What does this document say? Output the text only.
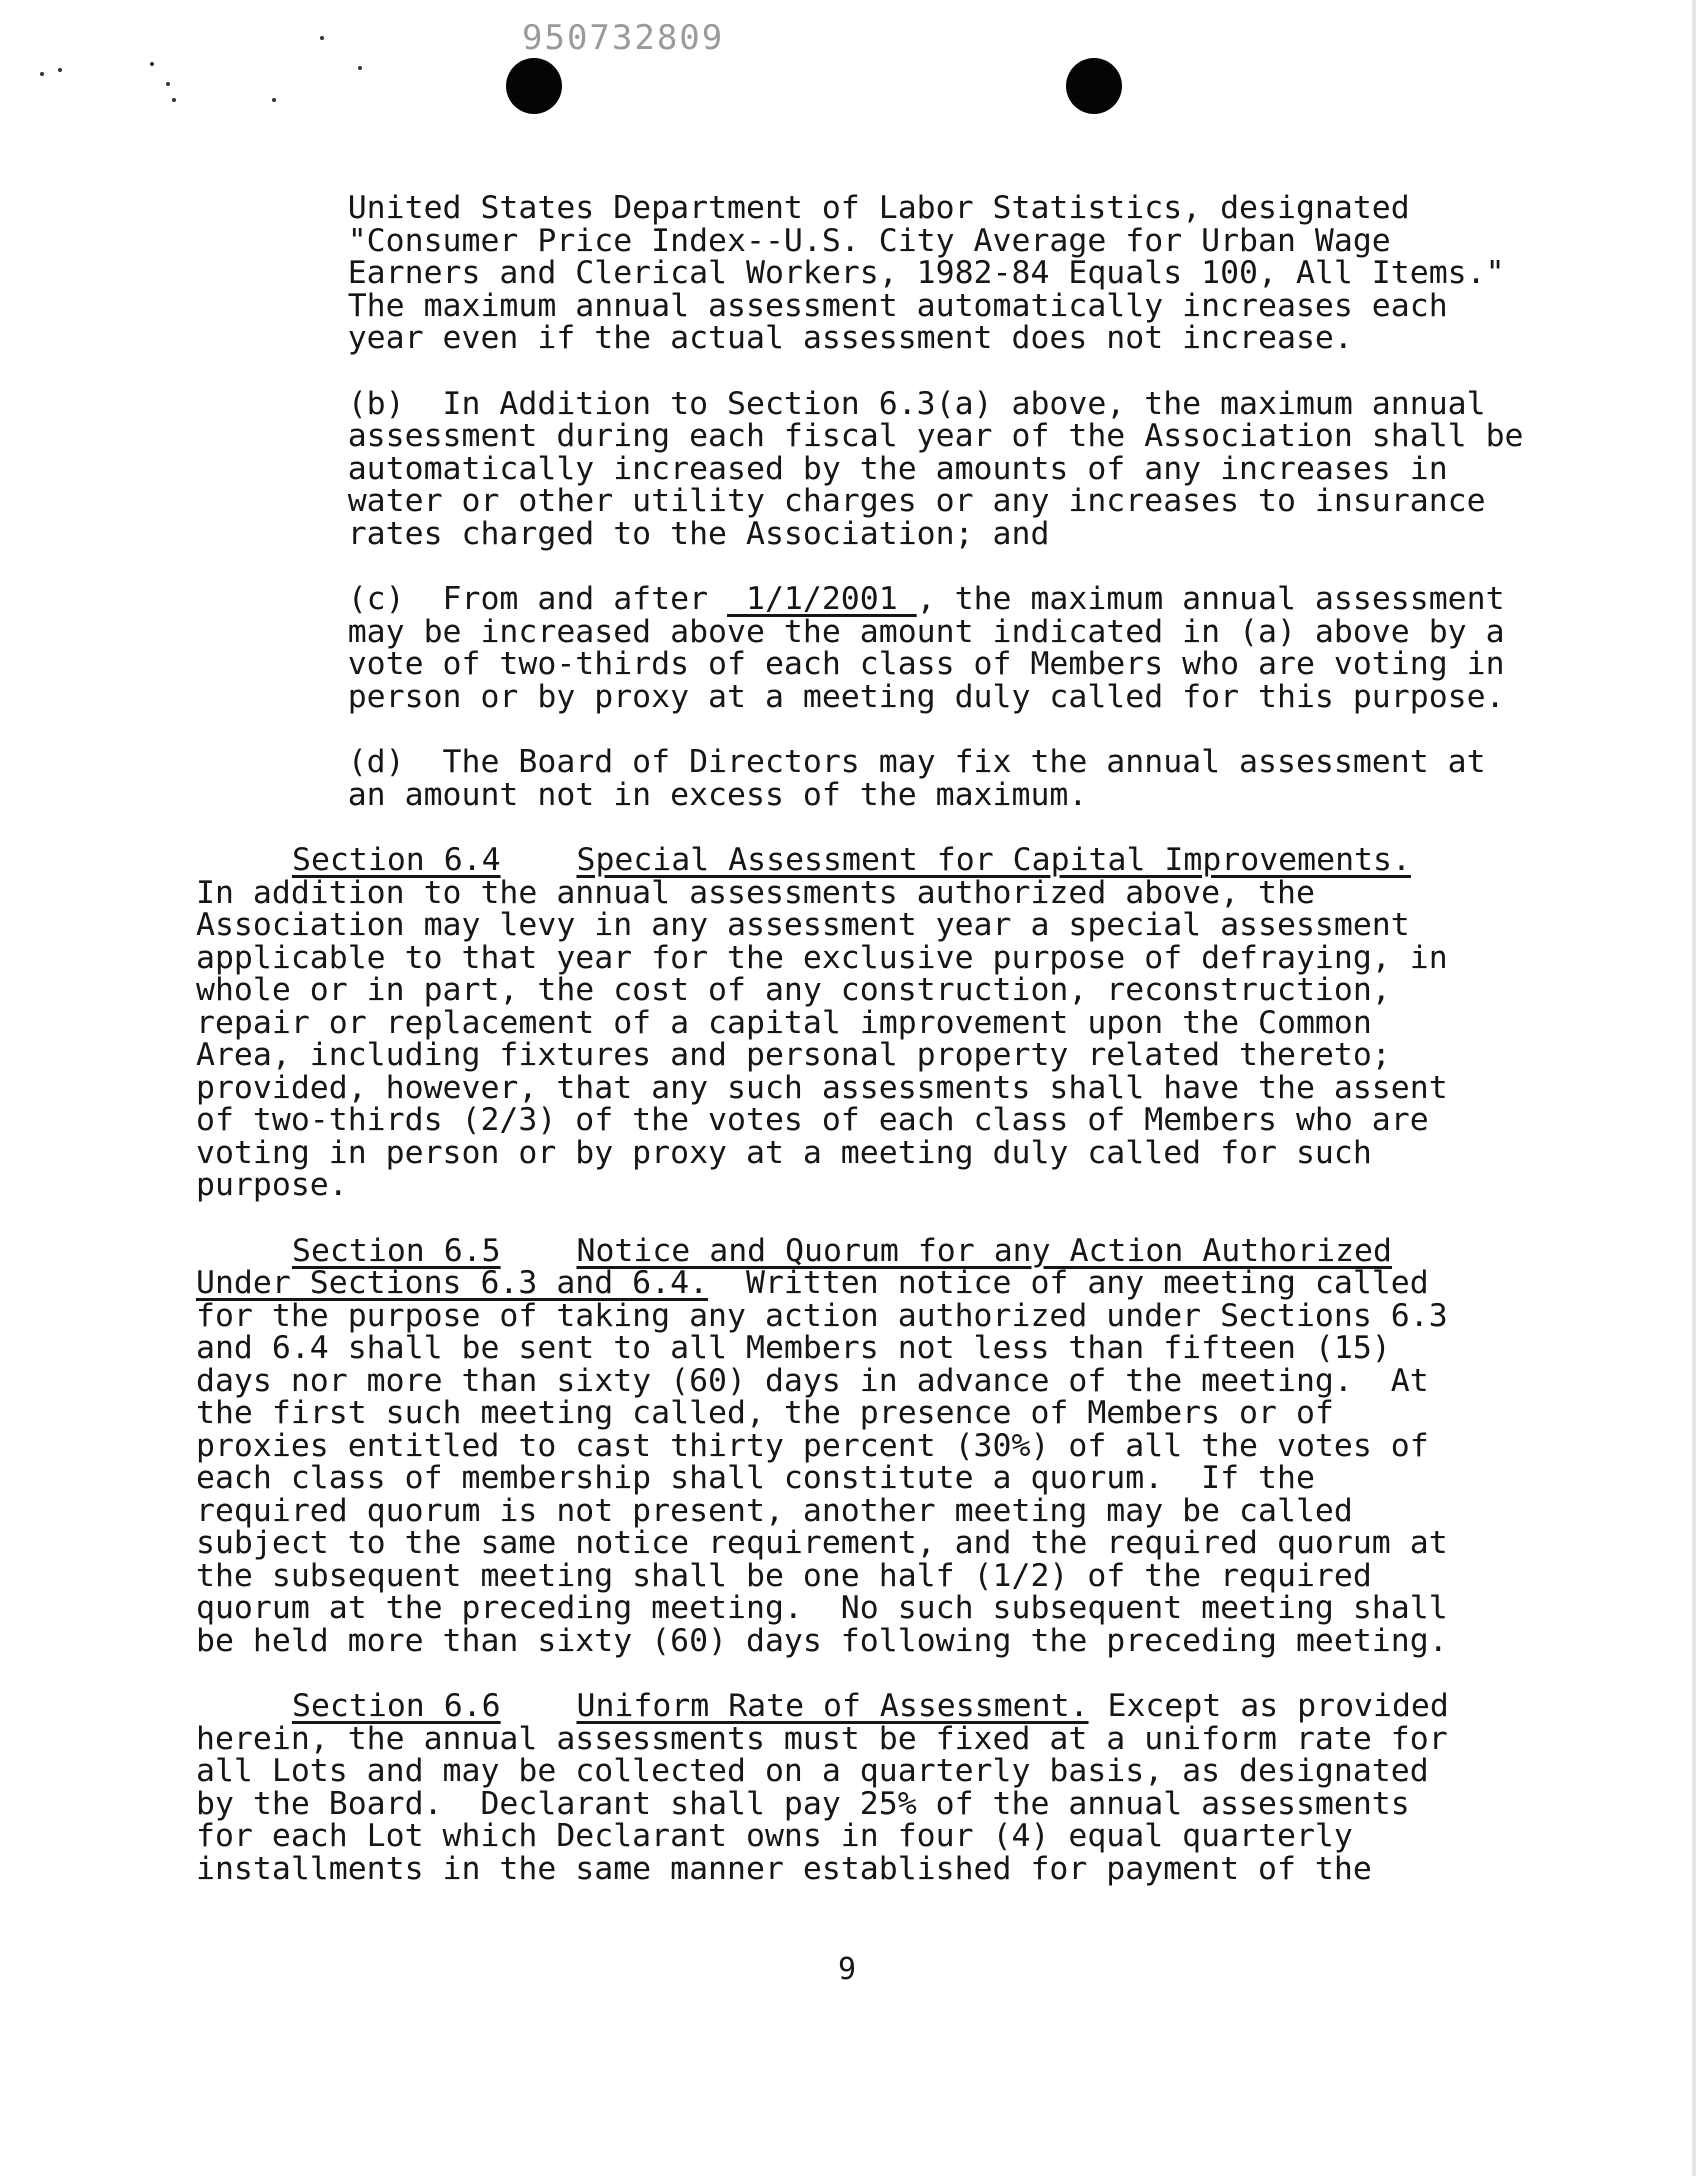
950732809
United States Department of Labor Statistics, designated
"Consumer Price Index--U.S. City Average for Urban Wage
Earners and Clerical Workers, 1982-84 Equals 100, All Items."
The maximum annual assessment automatically increases each
year even if the actual assessment does not increase.
(b)  In Addition to Section 6.3(a) above, the maximum annual
assessment during each fiscal year of the Association shall be
automatically increased by the amounts of any increases in
water or other utility charges or any increases to insurance
rates charged to the Association; and
(c)  From and after  1/1/2001 , the maximum annual assessment
may be increased above the amount indicated in (a) above by a
vote of two-thirds of each class of Members who are voting in
person or by proxy at a meeting duly called for this purpose.
(d)  The Board of Directors may fix the annual assessment at
an amount not in excess of the maximum.
Section 6.4 Special Assessment for Capital Improvements.
In addition to the annual assessments authorized above, the
Association may levy in any assessment year a special assessment
applicable to that year for the exclusive purpose of defraying, in
whole or in part, the cost of any construction, reconstruction,
repair or replacement of a capital improvement upon the Common
Area, including fixtures and personal property related thereto;
provided, however, that any such assessments shall have the assent
of two-thirds (2/3) of the votes of each class of Members who are
voting in person or by proxy at a meeting duly called for such
purpose.
Section 6.5 Notice and Quorum for any Action Authorized
Under Sections 6.3 and 6.4.  Written notice of any meeting called
for the purpose of taking any action authorized under Sections 6.3
and 6.4 shall be sent to all Members not less than fifteen (15)
days nor more than sixty (60) days in advance of the meeting.  At
the first such meeting called, the presence of Members or of
proxies entitled to cast thirty percent (30%) of all the votes of
each class of membership shall constitute a quorum.  If the
required quorum is not present, another meeting may be called
subject to the same notice requirement, and the required quorum at
the subsequent meeting shall be one half (1/2) of the required
quorum at the preceding meeting.  No such subsequent meeting shall
be held more than sixty (60) days following the preceding meeting.
Section 6.6 Uniform Rate of Assessment. Except as provided
herein, the annual assessments must be fixed at a uniform rate for
all Lots and may be collected on a quarterly basis, as designated
by the Board.  Declarant shall pay 25% of the annual assessments
for each Lot which Declarant owns in four (4) equal quarterly
installments in the same manner established for payment of the
9
